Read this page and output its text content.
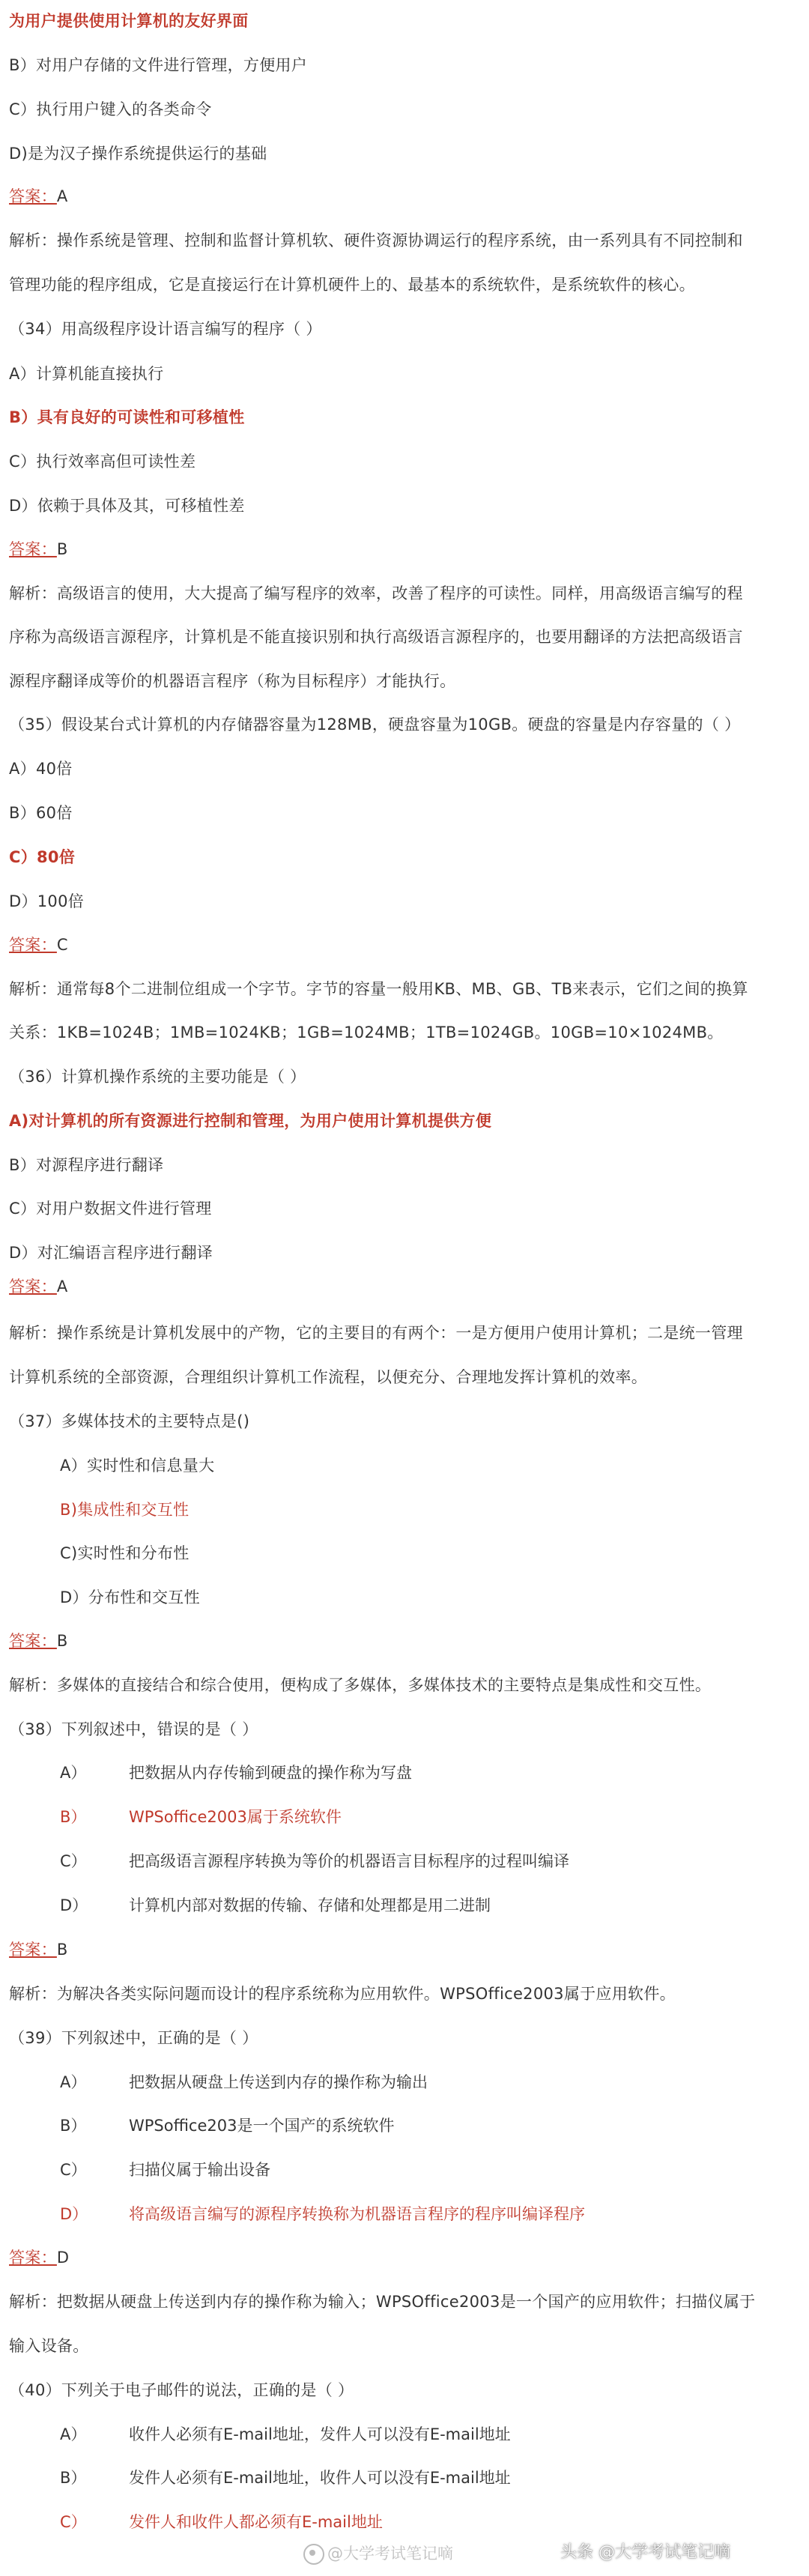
为用户提供使用计算机的友好界面
B）对用户存储的文件进行管理，方便用户
C）执行用户键入的各类命令
D)是为汉子操作系统提供运行的基础
答案：A
解析：操作系统是管理、控制和监督计算机软、硬件资源协调运行的程序系统，由一系列具有不同控制和
管理功能的程序组成，它是直接运行在计算机硬件上的、最基本的系统软件，是系统软件的核心。
（34）用高级程序设计语言编写的程序（ ）
A）计算机能直接执行
B）具有良好的可读性和可移植性
C）执行效率高但可读性差
D）依赖于具体及其，可移植性差
答案：B
解析：高级语言的使用，大大提高了编写程序的效率，改善了程序的可读性。同样，用高级语言编写的程
序称为高级语言源程序，计算机是不能直接识别和执行高级语言源程序的，也要用翻译的方法把高级语言
源程序翻译成等价的机器语言程序（称为目标程序）才能执行。
（35）假设某台式计算机的内存储器容量为128MB，硬盘容量为10GB。硬盘的容量是内存容量的（ ）
A）40倍
B）60倍
C）80倍
D）100倍
答案：C
解析：通常每8个二进制位组成一个字节。字节的容量一般用KB、MB、GB、TB来表示，它们之间的换算
关系：1KB=1024B；1MB=1024KB；1GB=1024MB；1TB=1024GB。10GB=10×1024MB。
（36）计算机操作系统的主要功能是（ ）
A)对计算机的所有资源进行控制和管理，为用户使用计算机提供方便
B）对源程序进行翻译
C）对用户数据文件进行管理
D）对汇编语言程序进行翻译
答案：A
解析：操作系统是计算机发展中的产物，它的主要目的有两个：一是方便用户使用计算机；二是统一管理
计算机系统的全部资源，合理组织计算机工作流程，以便充分、合理地发挥计算机的效率。
（37）多媒体技术的主要特点是()
A）实时性和信息量大
B)集成性和交互性
C)实时性和分布性
D）分布性和交互性
答案：B
解析：多媒体的直接结合和综合使用，便构成了多媒体，多媒体技术的主要特点是集成性和交互性。
（38）下列叙述中，错误的是（ ）
A）	把数据从内存传输到硬盘的操作称为写盘
B）	WPSoffice2003属于系统软件
C）	把高级语言源程序转换为等价的机器语言目标程序的过程叫编译
D）	计算机内部对数据的传输、存储和处理都是用二进制
答案：B
解析：为解决各类实际问题而设计的程序系统称为应用软件。WPSOffice2003属于应用软件。
（39）下列叙述中，正确的是（ ）
A）	把数据从硬盘上传送到内存的操作称为输出
B）	WPSoffice203是一个国产的系统软件
C）	扫描仪属于输出设备
D）	将高级语言编写的源程序转换称为机器语言程序的程序叫编译程序
答案：D
解析：把数据从硬盘上传送到内存的操作称为输入；WPSOffice2003是一个国产的应用软件；扫描仪属于
输入设备。
（40）下列关于电子邮件的说法，正确的是（ ）
A）	收件人必须有E-mail地址，发件人可以没有E-mail地址
B）	发件人必须有E-mail地址，收件人可以没有E-mail地址
C）	发件人和收件人都必须有E-mail地址
@大学考试笔记嘀	头条 @大学考试笔记嘀
